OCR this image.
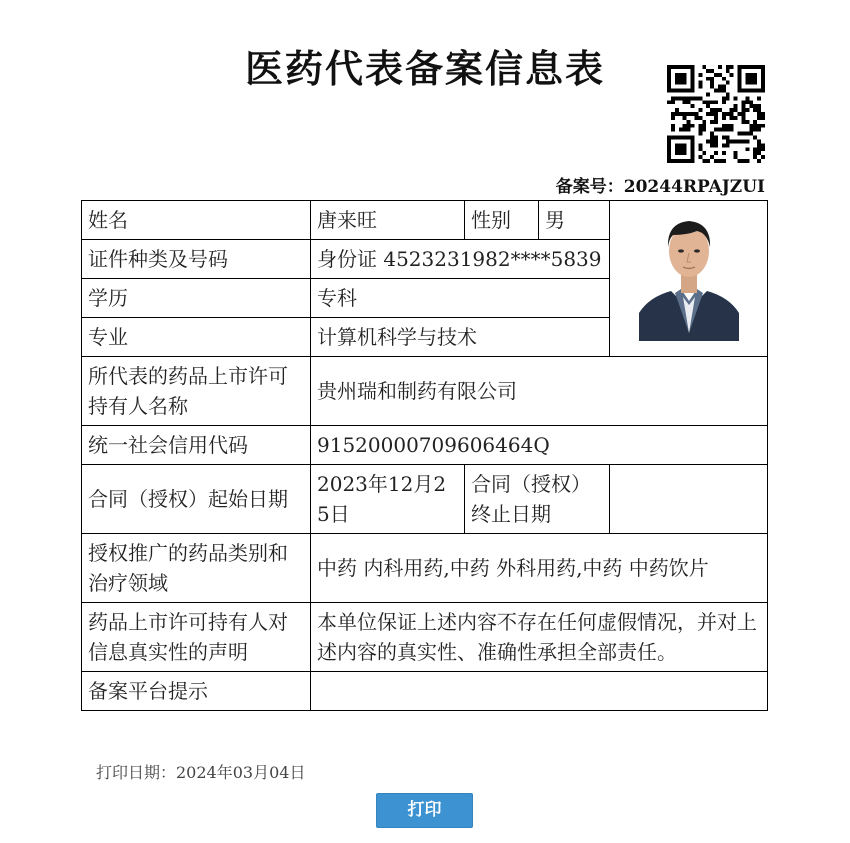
医药代表备案信息表
备案号：20244RPAJZUI
姓名	唐来旺	性别	男	

证件种类及号码	身份证 4523231982****5839			
学历	专科			
专业	计算机科学与技术			
所代表的药品上市许可持有人名称	贵州瑞和制药有限公司			
统一社会信用代码	91520000709606464Q			
合同（授权）起始日期	2023年12月25日	合同（授权）终止日期		
授权推广的药品类别和治疗领域	中药 内科用药,中药 外科用药,中药 中药饮片			
药品上市许可持有人对信息真实性的声明	本单位保证上述内容不存在任何虚假情况，并对上述内容的真实性、准确性承担全部责任。			
备案平台提示				
打印日期：2024年03月04日
打印
